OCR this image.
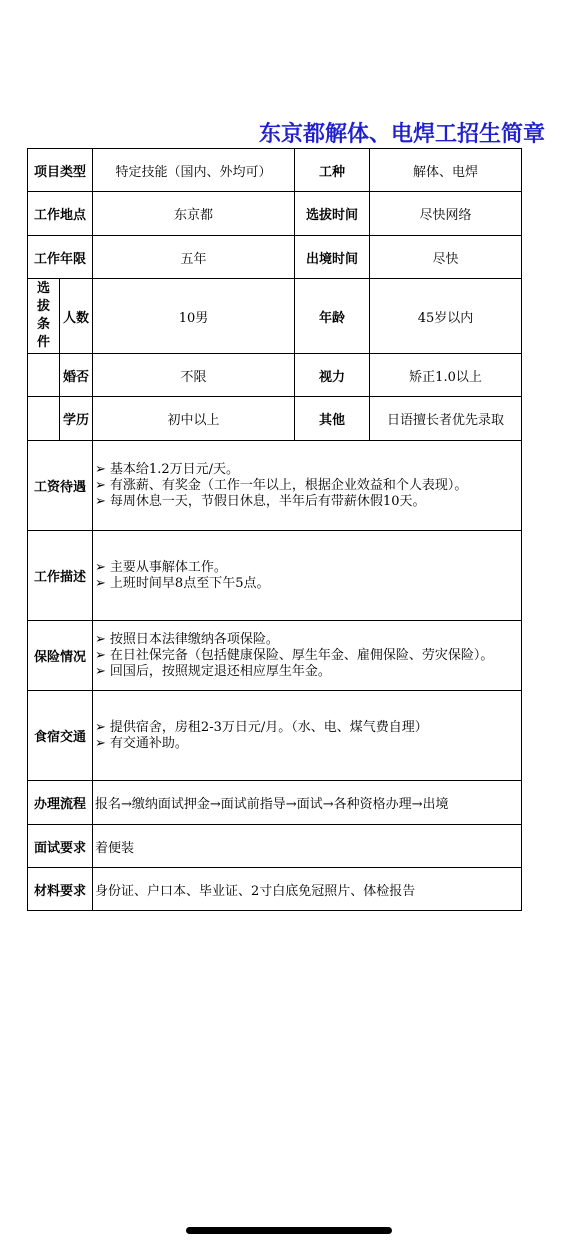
东京都解体、电焊工招生简章
项目类型		特定技能（国内、外均可）	工种	解体、电焊
工作地点		东京都	选拔时间	尽快网络
工作年限		五年	出境时间	尽快

选
拔
条
件	人数	10男	年龄	45岁以内
	婚否	不限	视力	矫正1.0以上
	学历	初中以上	其他	日语擅长者优先录取
工资待遇		➢ 基本给1.2万日元/天。
➢ 有涨薪、有奖金（工作一年以上，根据企业效益和个人表现）。
➢ 每周休息一天，节假日休息，半年后有带薪休假10天。		

工作描述		➢ 主要从事解体工作。
➢ 上班时间早8点至下午5点。		

保险情况		➢ 按照日本法律缴纳各项保险。
➢ 在日社保完备（包括健康保险、厚生年金、雇佣保险、劳灾保险）。
➢ 回国后，按照规定退还相应厚生年金。		

食宿交通		➢ 提供宿舍，房租2-3万日元/月。（水、电、煤气费自理）
➢ 有交通补助。		

办理流程		报名→缴纳面试押金→面试前指导→面试→各种资格办理→出境		
面试要求		着便装		
材料要求		身份证、户口本、毕业证、2寸白底免冠照片、体检报告		
